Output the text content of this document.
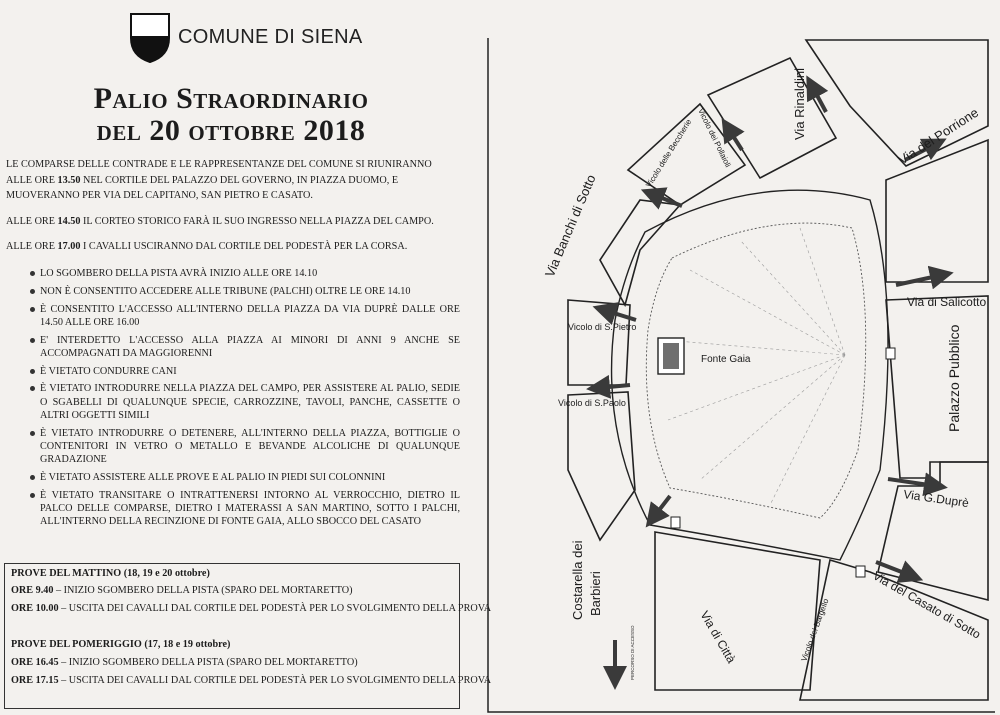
COMUNE DI SIENA
Palio Straordinario
del 20 ottobre 2018
LE COMPARSE DELLE CONTRADE E LE RAPPRESENTANZE DEL COMUNE SI RIUNIRANNO ALLE ORE 13.50 NEL CORTILE DEL PALAZZO DEL GOVERNO, IN PIAZZA DUOMO, E MUOVERANNO PER VIA DEL CAPITANO, SAN PIETRO E CASATO.
ALLE ORE 14.50 IL CORTEO STORICO FARÀ IL SUO INGRESSO NELLA PIAZZA DEL CAMPO.
ALLE ORE 17.00 I CAVALLI USCIRANNO DAL CORTILE DEL PODESTÀ PER LA CORSA.
LO SGOMBERO DELLA PISTA AVRÀ INIZIO ALLE ORE 14.10
NON È CONSENTITO ACCEDERE ALLE TRIBUNE (PALCHI) OLTRE LE ORE 14.10
È CONSENTITO L'ACCESSO ALL'INTERNO DELLA PIAZZA DA VIA DUPRÈ DALLE ORE 14.50 ALLE ORE 16.00
E' INTERDETTO L'ACCESSO ALLA PIAZZA AI MINORI DI ANNI 9 ANCHE SE ACCOMPAGNATI DA MAGGIORENNI
È VIETATO CONDURRE CANI
È VIETATO INTRODURRE NELLA PIAZZA DEL CAMPO, PER ASSISTERE AL PALIO, SEDIE O SGABELLI DI QUALUNQUE SPECIE, CARROZZINE, TAVOLI, PANCHE, CASSETTE O ALTRI OGGETTI SIMILI
È VIETATO INTRODURRE O DETENERE, ALL'INTERNO DELLA PIAZZA, BOTTIGLIE O CONTENITORI IN VETRO O METALLO E BEVANDE ALCOLICHE DI QUALUNQUE GRADAZIONE
È VIETATO ASSISTERE ALLE PROVE E AL PALIO IN PIEDI SUI COLONNINI
È VIETATO TRANSITARE O INTRATTENERSI INTORNO AL VERROCCHIO, DIETRO IL PALCO DELLE COMPARSE, DIETRO I MATERASSI A SAN MARTINO, SOTTO I PALCHI, ALL'INTERNO DELLA RECINZIONE DI FONTE GAIA, ALLO SBOCCO DEL CASATO
PROVE DEL MATTINO (18, 19 e 20 ottobre)
ORE 9.40 – INIZIO SGOMBERO DELLA PISTA (SPARO DEL MORTARETTO)
ORE 10.00 – USCITA DEI CAVALLI DAL CORTILE DEL PODESTÀ PER LO SVOLGIMENTO DELLA PROVA
PROVE DEL POMERIGGIO (17, 18 e 19 ottobre)
ORE 16.45 – INIZIO SGOMBERO DELLA PISTA (SPARO DEL MORTARETTO)
ORE 17.15 – USCITA DEI CAVALLI DAL CORTILE DEL PODESTÀ PER LO SVOLGIMENTO DELLA PROVA
Fonte Gaia
Via Rinaldini	Via del Porrione
Vicolo dei Pollaioli
Vicolo delle Beccherie
Via Banchi di Sotto
Via di Salicotto
Vicolo di S.Pietro
Vicolo di S.Paolo	Palazzo Pubblico
Via G.Duprè
Costarella dei Barbieri	Via del Casato di Sotto
Via di Città	Vicolo del Bargello
PERCORSO DI ACCESSO
